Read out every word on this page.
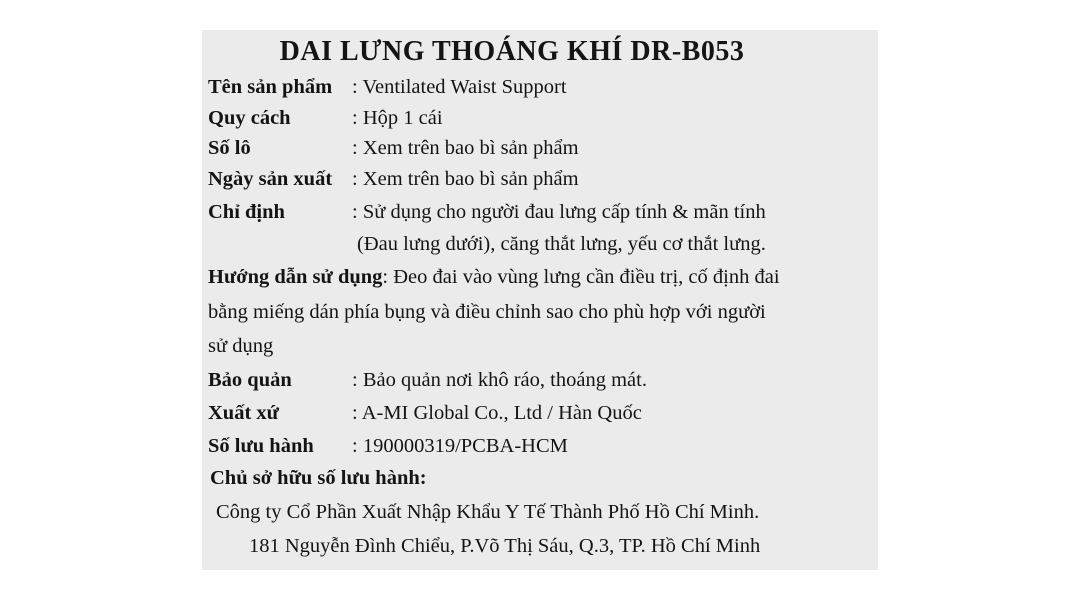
DAI LƯNG THOÁNG KHÍ DR-B053
Tên sản phẩm : Ventilated Waist Support
Quy cách	: Hộp 1 cái
Số lô	: Xem trên bao bì sản phẩm
Ngày sản xuất : Xem trên bao bì sản phẩm
Chỉ định	: Sử dụng cho người đau lưng cấp tính & mãn tính
(Đau lưng dưới), căng thắt lưng, yếu cơ thắt lưng.
Hướng dẫn sử dụng: Đeo đai vào vùng lưng cần điều trị, cố định đai
bằng miếng dán phía bụng và điều chỉnh sao cho phù hợp với người
sử dụng
Bảo quản	: Bảo quản nơi khô ráo, thoáng mát.
Xuất xứ	: A-MI Global Co., Ltd / Hàn Quốc
Số lưu hành : 190000319/PCBA-HCM
Chủ sở hữu số lưu hành:
Công ty Cổ Phần Xuất Nhập Khẩu Y Tế Thành Phố Hồ Chí Minh.
181 Nguyễn Đình Chiểu, P.Võ Thị Sáu, Q.3, TP. Hồ Chí Minh
